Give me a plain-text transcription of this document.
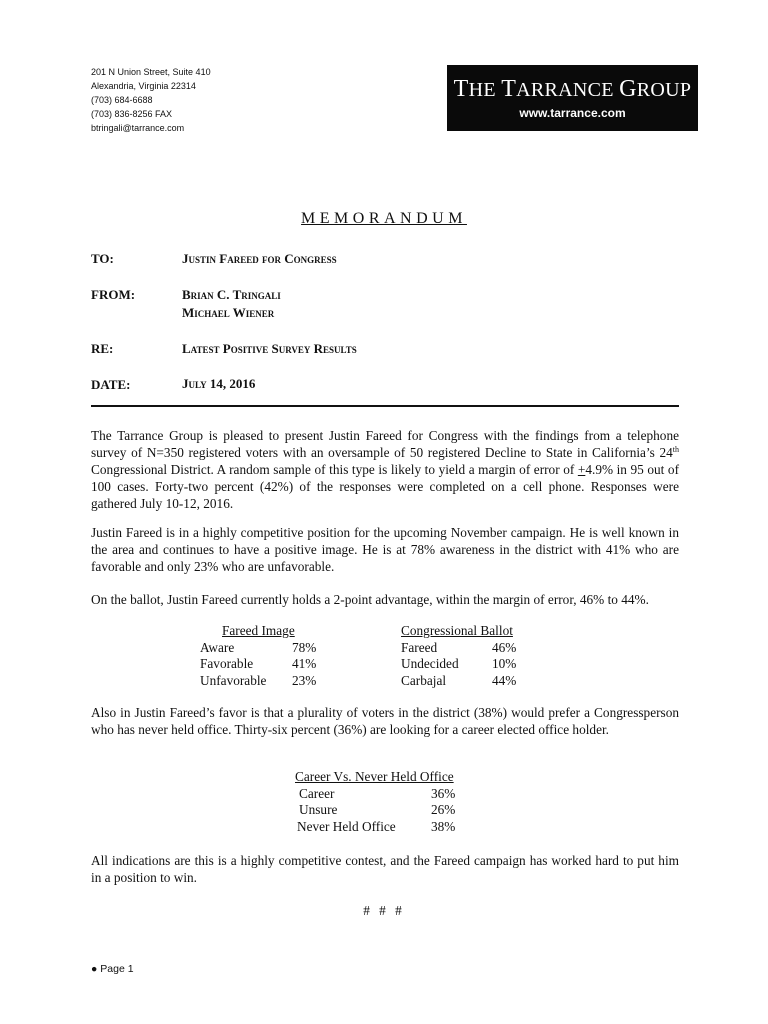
201 N Union Street, Suite 410
Alexandria, Virginia 22314
(703) 684-6688
(703) 836-8256 FAX
btringali@tarrance.com
THE TARRANCE GROUP
www.tarrance.com
MEMORANDUM
TO:	Justin Fareed for Congress
FROM:	Brian C. Tringali
Michael Wiener
RE:	Latest Positive Survey Results
DATE:	July 14, 2016
The Tarrance Group is pleased to present Justin Fareed for Congress with the findings from a telephone survey of N=350 registered voters with an oversample of 50 registered Decline to State in California’s 24th Congressional District. A random sample of this type is likely to yield a margin of error of +4.9% in 95 out of 100 cases. Forty-two percent (42%) of the responses were completed on a cell phone. Responses were gathered July 10-12, 2016.
Justin Fareed is in a highly competitive position for the upcoming November campaign. He is well known in the area and continues to have a positive image. He is at 78% awareness in the district with 41% who are favorable and only 23% who are unfavorable.
On the ballot, Justin Fareed currently holds a 2-point advantage, within the margin of error, 46% to 44%.
Fareed Image
Aware	78%
Favorable	41%
Unfavorable 23%
Congressional Ballot
Fareed	46%
Undecided	10%
Carbajal	44%
Also in Justin Fareed’s favor is that a plurality of voters in the district (38%) would prefer a Congressperson who has never held office. Thirty-six percent (36%) are looking for a career elected office holder.
Career Vs. Never Held Office
Career	36%
Unsure	26%
Never Held Office	38%
All indications are this is a highly competitive contest, and the Fareed campaign has worked hard to put him in a position to win.
# # #
● Page 1
